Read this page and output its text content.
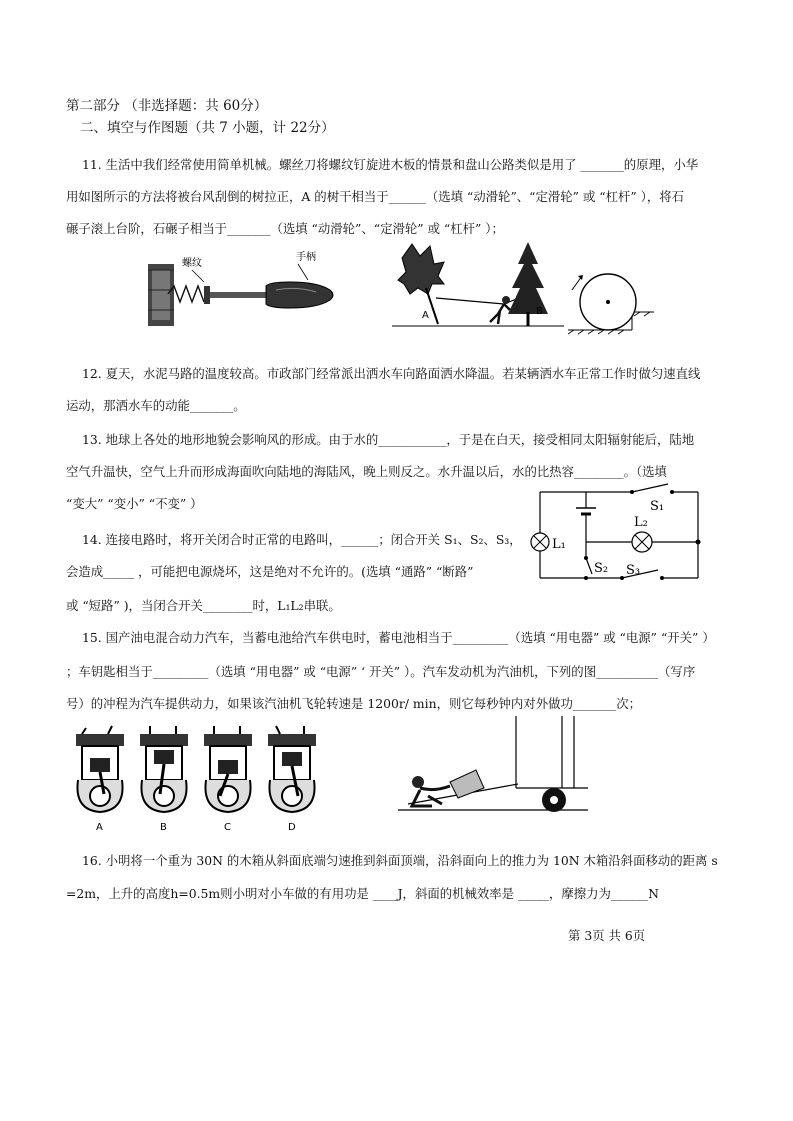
第二部分 （非选择题：共 60分）
二、填空与作图题（共 7 小题，计 22分）
11. 生活中我们经常使用简单机械。螺丝刀将螺纹钉旋进木板的情景和盘山公路类似是用了 _______的原理，小华
用如图所示的方法将被台风刮倒的树拉正，A 的树干相当于______（选填 “动滑轮”、“定滑轮” 或 “杠杆” ），将石
碾子滚上台阶，石碾子相当于_______（选填 “动滑轮”、“定滑轮” 或 “杠杆” ）；
螺纹
手柄
A	B
12. 夏天，水泥马路的温度较高。市政部门经常派出洒水车向路面洒水降温。若某辆洒水车正常工作时做匀速直线
运动，那洒水车的动能_______。
13. 地球上各处的地形地貌会影响风的形成。由于水的___________，于是在白天，接受相同太阳辐射能后，陆地
空气升温快，空气上升而形成海面吹向陆地的海陆风，晚上则反之。水升温以后，水的比热容________。（选填
“变大” “变小” “不变” ）
14. 连接电路时，将开关闭合时正常的电路叫，______；闭合开关 S₁、S₂、S₃，
会造成_____ ，可能把电源烧坏，这是绝对不允许的。(选填 “通路” “断路”
或 “短路” )，当闭合开关________时，L₁L₂串联。
S₁
S₂ S₃
L₁
L₂
15. 国产油电混合动力汽车，当蓄电池给汽车供电时，蓄电池相当于_________（选填 “用电器” 或 “电源” “开关” ）
；车钥匙相当于_________（选填 “用电器” 或 “电源” ‘ 开关” ）。汽车发动机为汽油机，下列的图__________（写序
号）的冲程为汽车提供动力，如果该汽油机飞轮转速是 1200r/ min，则它每秒钟内对外做功_______次；
A	B	C	D
16. 小明将一个重为 30N 的木箱从斜面底端匀速推到斜面顶端，沿斜面向上的推力为 10N 木箱沿斜面移动的距离 s
=2m，上升的高度h=0.5m则小明对小车做的有用功是 ____J，斜面的机械效率是 _____，摩擦力为______N
第 3页 共 6页
